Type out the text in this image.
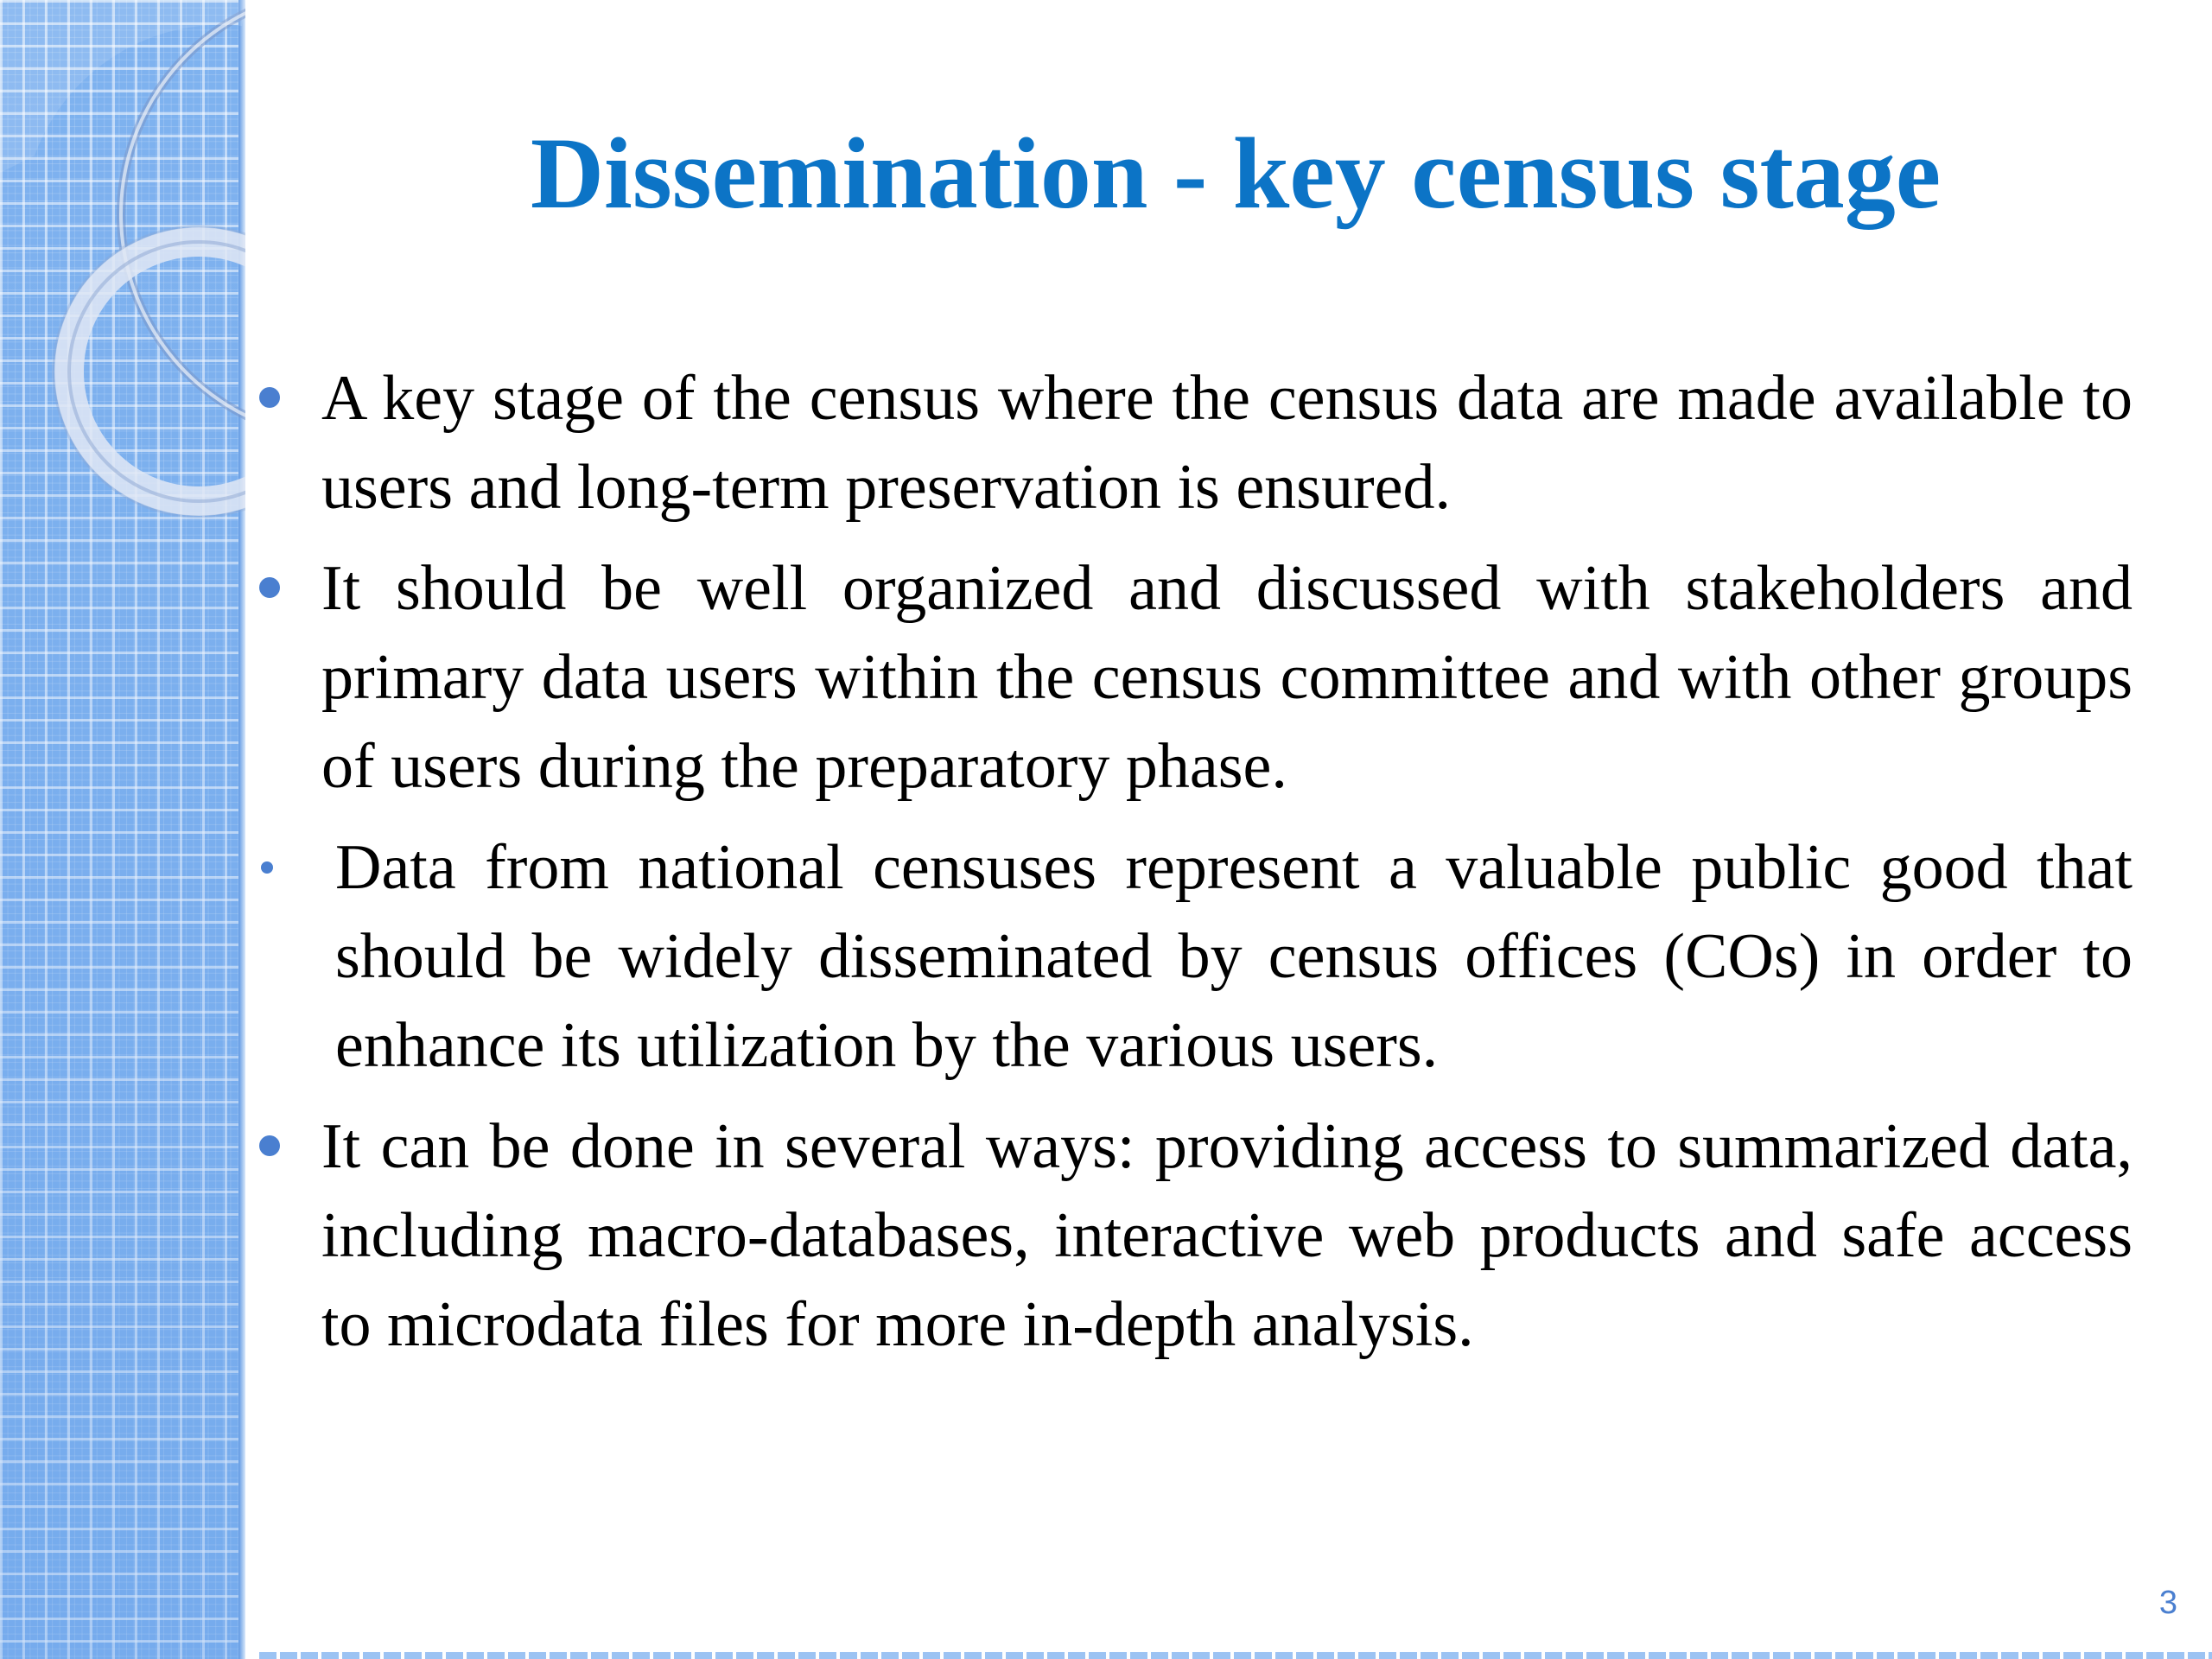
Dissemination - key census stage
A key stage of the census where the census data are made available to users and long-term preservation is ensured.
It should be well organized and discussed with stakeholders and primary data users within the census committee and with other groups of users during the preparatory phase.
Data from national censuses represent a valuable public good that should be widely disseminated by census offices (COs) in order to enhance its utilization by the various users.
It can be done in several ways: providing access to summarized data, including macro-databases, interactive web products and safe access to microdata files for more in-depth analysis.
3
